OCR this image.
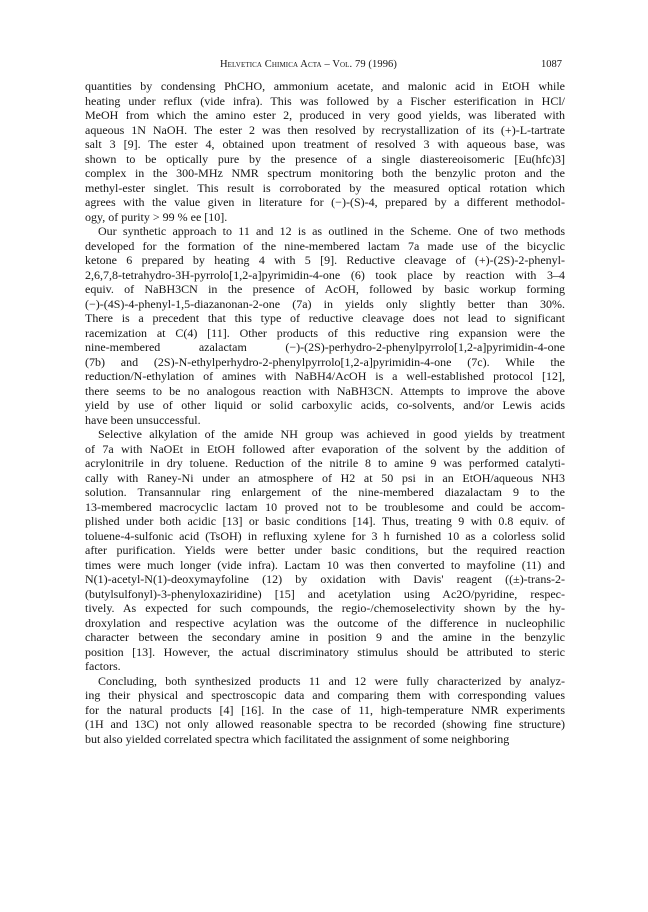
Helvetica Chimica Acta – Vol. 79 (1996)	1087
quantities by condensing PhCHO, ammonium acetate, and malonic acid in EtOH while
heating under reflux (vide infra). This was followed by a Fischer esterification in HCl/
MeOH from which the amino ester 2, produced in very good yields, was liberated with
aqueous 1N NaOH. The ester 2 was then resolved by recrystallization of its (+)-L-tartrate
salt 3 [9]. The ester 4, obtained upon treatment of resolved 3 with aqueous base, was
shown to be optically pure by the presence of a single diastereoisomeric [Eu(hfc)3]
complex in the 300-MHz NMR spectrum monitoring both the benzylic proton and the
methyl-ester singlet. This result is corroborated by the measured optical rotation which
agrees with the value given in literature for (−)-(S)-4, prepared by a different methodol-
ogy, of purity > 99 % ee [10].
Our synthetic approach to 11 and 12 is as outlined in the Scheme. One of two methods
developed for the formation of the nine-membered lactam 7a made use of the bicyclic
ketone 6 prepared by heating 4 with 5 [9]. Reductive cleavage of (+)-(2S)-2-phenyl-
2,6,7,8-tetrahydro-3H-pyrrolo[1,2-a]pyrimidin-4-one (6) took place by reaction with 3–4
equiv. of NaBH3CN in the presence of AcOH, followed by basic workup forming
(−)-(4S)-4-phenyl-1,5-diazanonan-2-one (7a) in yields only slightly better than 30%.
There is a precedent that this type of reductive cleavage does not lead to significant
racemization at C(4) [11]. Other products of this reductive ring expansion were the
nine-membered azalactam (−)-(2S)-perhydro-2-phenylpyrrolo[1,2-a]pyrimidin-4-one
(7b) and (2S)-N-ethylperhydro-2-phenylpyrrolo[1,2-a]pyrimidin-4-one (7c). While the
reduction/N-ethylation of amines with NaBH4/AcOH is a well-established protocol [12],
there seems to be no analogous reaction with NaBH3CN. Attempts to improve the above
yield by use of other liquid or solid carboxylic acids, co-solvents, and/or Lewis acids
have been unsuccessful.
Selective alkylation of the amide NH group was achieved in good yields by treatment
of 7a with NaOEt in EtOH followed after evaporation of the solvent by the addition of
acrylonitrile in dry toluene. Reduction of the nitrile 8 to amine 9 was performed catalyti-
cally with Raney-Ni under an atmosphere of H2 at 50 psi in an EtOH/aqueous NH3
solution. Transannular ring enlargement of the nine-membered diazalactam 9 to the
13-membered macrocyclic lactam 10 proved not to be troublesome and could be accom-
plished under both acidic [13] or basic conditions [14]. Thus, treating 9 with 0.8 equiv. of
toluene-4-sulfonic acid (TsOH) in refluxing xylene for 3 h furnished 10 as a colorless solid
after purification. Yields were better under basic conditions, but the required reaction
times were much longer (vide infra). Lactam 10 was then converted to mayfoline (11) and
N(1)-acetyl-N(1)-deoxymayfoline (12) by oxidation with Davis' reagent ((±)-trans-2-
(butylsulfonyl)-3-phenyloxaziridine) [15] and acetylation using Ac2O/pyridine, respec-
tively. As expected for such compounds, the regio-/chemoselectivity shown by the hy-
droxylation and respective acylation was the outcome of the difference in nucleophilic
character between the secondary amine in position 9 and the amine in the benzylic
position [13]. However, the actual discriminatory stimulus should be attributed to steric
factors.
Concluding, both synthesized products 11 and 12 were fully characterized by analyz-
ing their physical and spectroscopic data and comparing them with corresponding values
for the natural products [4] [16]. In the case of 11, high-temperature NMR experiments
(1H and 13C) not only allowed reasonable spectra to be recorded (showing fine structure)
but also yielded correlated spectra which facilitated the assignment of some neighboring
